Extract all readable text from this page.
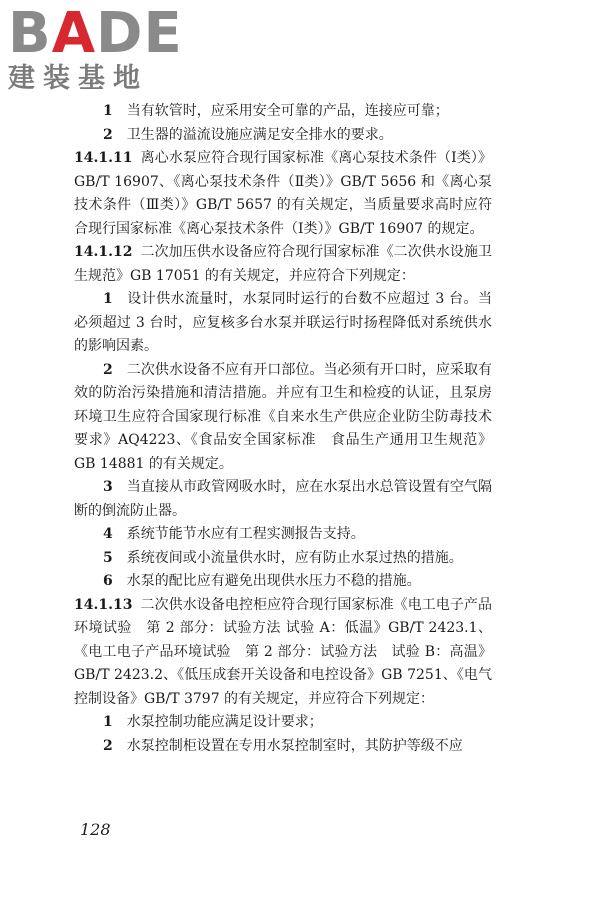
BADE
建装基地

1  当有软管时，应采用安全可靠的产品，连接应可靠；

2  卫生器的溢流设施应满足安全排水的要求。

14.1.11 离心水泵应符合现行国家标准《离心泵技术条件（Ⅰ类）》GB/T 16907、《离心泵技术条件（Ⅱ类）》GB/T 5656 和《离心泵技术条件（Ⅲ类）》GB/T 5657 的有关规定，当质量要求高时应符合现行国家标准《离心泵技术条件（Ⅰ类）》GB/T 16907 的规定。

14.1.12 二次加压供水设备应符合现行国家标准《二次供水设施卫生规范》GB 17051 的有关规定，并应符合下列规定：

1  设计供水流量时，水泵同时运行的台数不应超过 3 台。当必须超过 3 台时，应复核多台水泵并联运行时扬程降低对系统供水的影响因素。

2  二次供水设备不应有开口部位。当必须有开口时，应采取有效的防治污染措施和清洁措施。并应有卫生和检疫的认证，且泵房环境卫生应符合国家现行标准《自来水生产供应企业防尘防毒技术要求》AQ4223、《食品安全国家标准　食品生产通用卫生规范》GB 14881 的有关规定。

3  当直接从市政管网吸水时，应在水泵出水总管设置有空气隔断的倒流防止器。

4  系统节能节水应有工程实测报告支持。

5  系统夜间或小流量供水时，应有防止水泵过热的措施。

6  水泵的配比应有避免出现供水压力不稳的措施。

14.1.13 二次供水设备电控柜应符合现行国家标准《电工电子产品环境试验　第 2 部分：试验方法 试验 A：低温》GB/T 2423.1、《电工电子产品环境试验　第 2 部分：试验方法　试验 B：高温》GB/T 2423.2、《低压成套开关设备和电控设备》GB 7251、《电气控制设备》GB/T 3797 的有关规定，并应符合下列规定：

1  水泵控制功能应满足设计要求；

2  水泵控制柜设置在专用水泵控制室时，其防护等级不应

128
